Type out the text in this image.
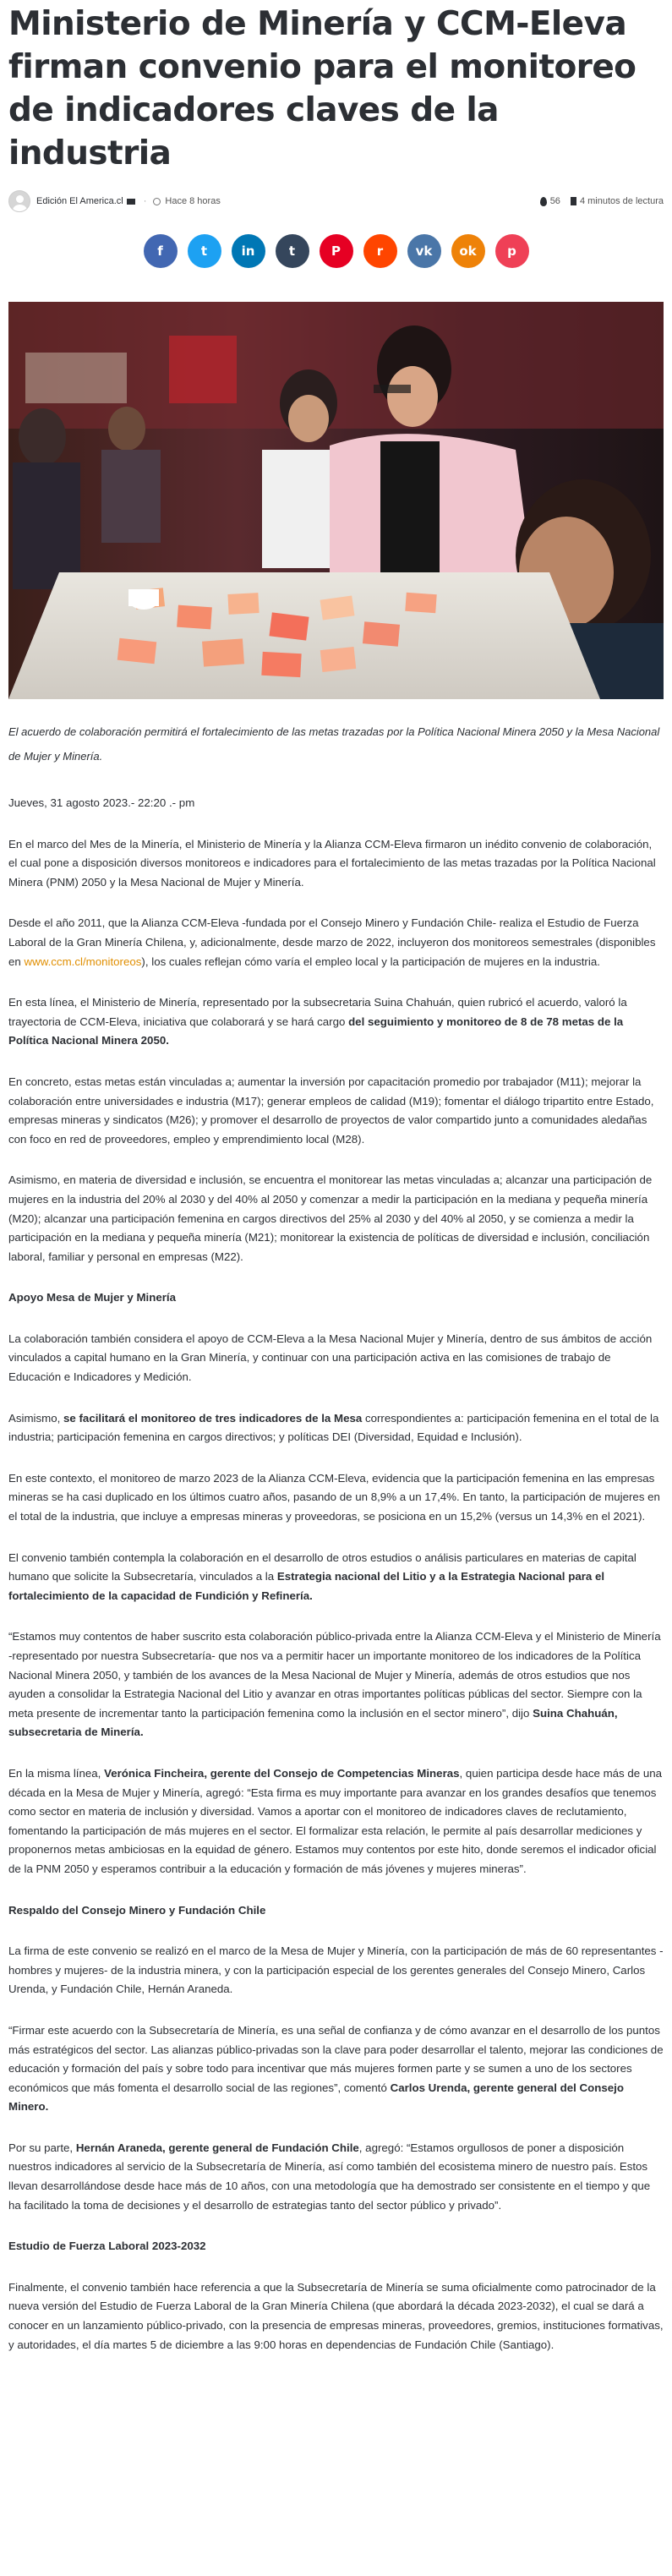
Ministerio de Minería y CCM-Eleva firman convenio para el monitoreo de indicadores claves de la industria
Edición El America.cl · Hace 8 horas	56 4 minutos de lectura
f	t	in	t	P	r	vk ok p

El acuerdo de colaboración permitirá el fortalecimiento de las metas trazadas por la Política Nacional Minera 2050 y la Mesa Nacional de Mujer y Minería.

Jueves, 31 agosto 2023.- 22:20 .- pm

En el marco del Mes de la Minería, el Ministerio de Minería y la Alianza CCM-Eleva firmaron un inédito convenio de colaboración, el cual pone a disposición diversos monitoreos e indicadores para el fortalecimiento de las metas trazadas por la Política Nacional Minera (PNM) 2050 y la Mesa Nacional de Mujer y Minería.

Desde el año 2011, que la Alianza CCM-Eleva -fundada por el Consejo Minero y Fundación Chile- realiza el Estudio de Fuerza Laboral de la Gran Minería Chilena, y, adicionalmente, desde marzo de 2022, incluyeron dos monitoreos semestrales (disponibles en www.ccm.cl/monitoreos), los cuales reflejan cómo varía el empleo local y la participación de mujeres en la industria.

En esta línea, el Ministerio de Minería, representado por la subsecretaria Suina Chahuán, quien rubricó el acuerdo, valoró la trayectoria de CCM-Eleva, iniciativa que colaborará y se hará cargo del seguimiento y monitoreo de 8 de 78 metas de la Política Nacional Minera 2050.

En concreto, estas metas están vinculadas a; aumentar la inversión por capacitación promedio por trabajador (M11); mejorar la colaboración entre universidades e industria (M17); generar empleos de calidad (M19); fomentar el diálogo tripartito entre Estado, empresas mineras y sindicatos (M26); y promover el desarrollo de proyectos de valor compartido junto a comunidades aledañas con foco en red de proveedores, empleo y emprendimiento local (M28).

Asimismo, en materia de diversidad e inclusión, se encuentra el monitorear las metas vinculadas a; alcanzar una participación de mujeres en la industria del 20% al 2030 y del 40% al 2050 y comenzar a medir la participación en la mediana y pequeña minería (M20); alcanzar una participación femenina en cargos directivos del 25% al 2030 y del 40% al 2050, y se comienza a medir la participación en la mediana y pequeña minería (M21); monitorear la existencia de políticas de diversidad e inclusión, conciliación laboral, familiar y personal en empresas (M22).

Apoyo Mesa de Mujer y Minería

La colaboración también considera el apoyo de CCM-Eleva a la Mesa Nacional Mujer y Minería, dentro de sus ámbitos de acción vinculados a capital humano en la Gran Minería, y continuar con una participación activa en las comisiones de trabajo de Educación e Indicadores y Medición.

Asimismo, se facilitará el monitoreo de tres indicadores de la Mesa correspondientes a: participación femenina en el total de la industria; participación femenina en cargos directivos; y políticas DEI (Diversidad, Equidad e Inclusión).

En este contexto, el monitoreo de marzo 2023 de la Alianza CCM-Eleva, evidencia que la participación femenina en las empresas mineras se ha casi duplicado en los últimos cuatro años, pasando de un 8,9% a un 17,4%. En tanto, la participación de mujeres en el total de la industria, que incluye a empresas mineras y proveedoras, se posiciona en un 15,2% (versus un 14,3% en el 2021).

El convenio también contempla la colaboración en el desarrollo de otros estudios o análisis particulares en materias de capital humano que solicite la Subsecretaría, vinculados a la Estrategia nacional del Litio y a la Estrategia Nacional para el fortalecimiento de la capacidad de Fundición y Refinería.

“Estamos muy contentos de haber suscrito esta colaboración público-privada entre la Alianza CCM-Eleva y el Ministerio de Minería -representado por nuestra Subsecretaría- que nos va a permitir hacer un importante monitoreo de los indicadores de la Política Nacional Minera 2050, y también de los avances de la Mesa Nacional de Mujer y Minería, además de otros estudios que nos ayuden a consolidar la Estrategia Nacional del Litio y avanzar en otras importantes políticas públicas del sector. Siempre con la meta presente de incrementar tanto la participación femenina como la inclusión en el sector minero”, dijo Suina Chahuán, subsecretaria de Minería.

En la misma línea, Verónica Fincheira, gerente del Consejo de Competencias Mineras, quien participa desde hace más de una década en la Mesa de Mujer y Minería, agregó: “Esta firma es muy importante para avanzar en los grandes desafíos que tenemos como sector en materia de inclusión y diversidad. Vamos a aportar con el monitoreo de indicadores claves de reclutamiento, fomentando la participación de más mujeres en el sector. El formalizar esta relación, le permite al país desarrollar mediciones y proponernos metas ambiciosas en la equidad de género. Estamos muy contentos por este hito, donde seremos el indicador oficial de la PNM 2050 y esperamos contribuir a la educación y formación de más jóvenes y mujeres mineras”.

Respaldo del Consejo Minero y Fundación Chile

La firma de este convenio se realizó en el marco de la Mesa de Mujer y Minería, con la participación de más de 60 representantes -hombres y mujeres- de la industria minera, y con la participación especial de los gerentes generales del Consejo Minero, Carlos Urenda, y Fundación Chile, Hernán Araneda.

“Firmar este acuerdo con la Subsecretaría de Minería, es una señal de confianza y de cómo avanzar en el desarrollo de los puntos más estratégicos del sector. Las alianzas público-privadas son la clave para poder desarrollar el talento, mejorar las condiciones de educación y formación del país y sobre todo para incentivar que más mujeres formen parte y se sumen a uno de los sectores económicos que más fomenta el desarrollo social de las regiones”, comentó Carlos Urenda, gerente general del Consejo Minero.

Por su parte, Hernán Araneda, gerente general de Fundación Chile, agregó: “Estamos orgullosos de poner a disposición nuestros indicadores al servicio de la Subsecretaría de Minería, así como también del ecosistema minero de nuestro país. Estos llevan desarrollándose desde hace más de 10 años, con una metodología que ha demostrado ser consistente en el tiempo y que ha facilitado la toma de decisiones y el desarrollo de estrategias tanto del sector público y privado”.

Estudio de Fuerza Laboral 2023-2032

Finalmente, el convenio también hace referencia a que la Subsecretaría de Minería se suma oficialmente como patrocinador de la nueva versión del Estudio de Fuerza Laboral de la Gran Minería Chilena (que abordará la década 2023-2032), el cual se dará a conocer en un lanzamiento público-privado, con la presencia de empresas mineras, proveedores, gremios, instituciones formativas, y autoridades, el día martes 5 de diciembre a las 9:00 horas en dependencias de Fundación Chile (Santiago).
